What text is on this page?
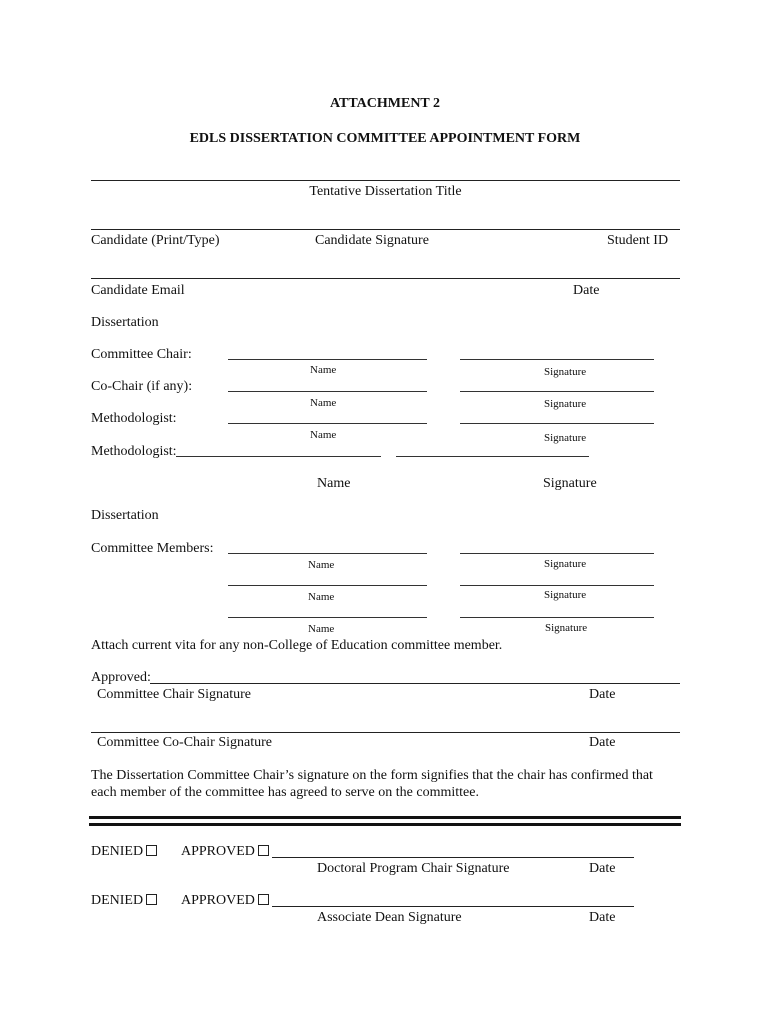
ATTACHMENT 2
EDLS DISSERTATION COMMITTEE APPOINTMENT FORM
Tentative Dissertation Title
Candidate (Print/Type)	Candidate Signature	Student ID
Candidate Email	Date
Dissertation
Committee Chair:
Name	Signature
Co-Chair (if any):
Name	Signature
Methodologist:
Name	Signature
Methodologist:
Name	Signature
Dissertation
Committee Members:
Name	Signature
Name	Signature
Name	Signature
Attach current vita for any non-College of Education committee member.
Approved:
Committee Chair Signature	Date
Committee Co-Chair Signature	Date
The Dissertation Committee Chair’s signature on the form signifies that the chair has confirmed that each member of the committee has agreed to serve on the committee.
DENIED	APPROVED
Doctoral Program Chair Signature	Date
DENIED	APPROVED
Associate Dean Signature	Date
